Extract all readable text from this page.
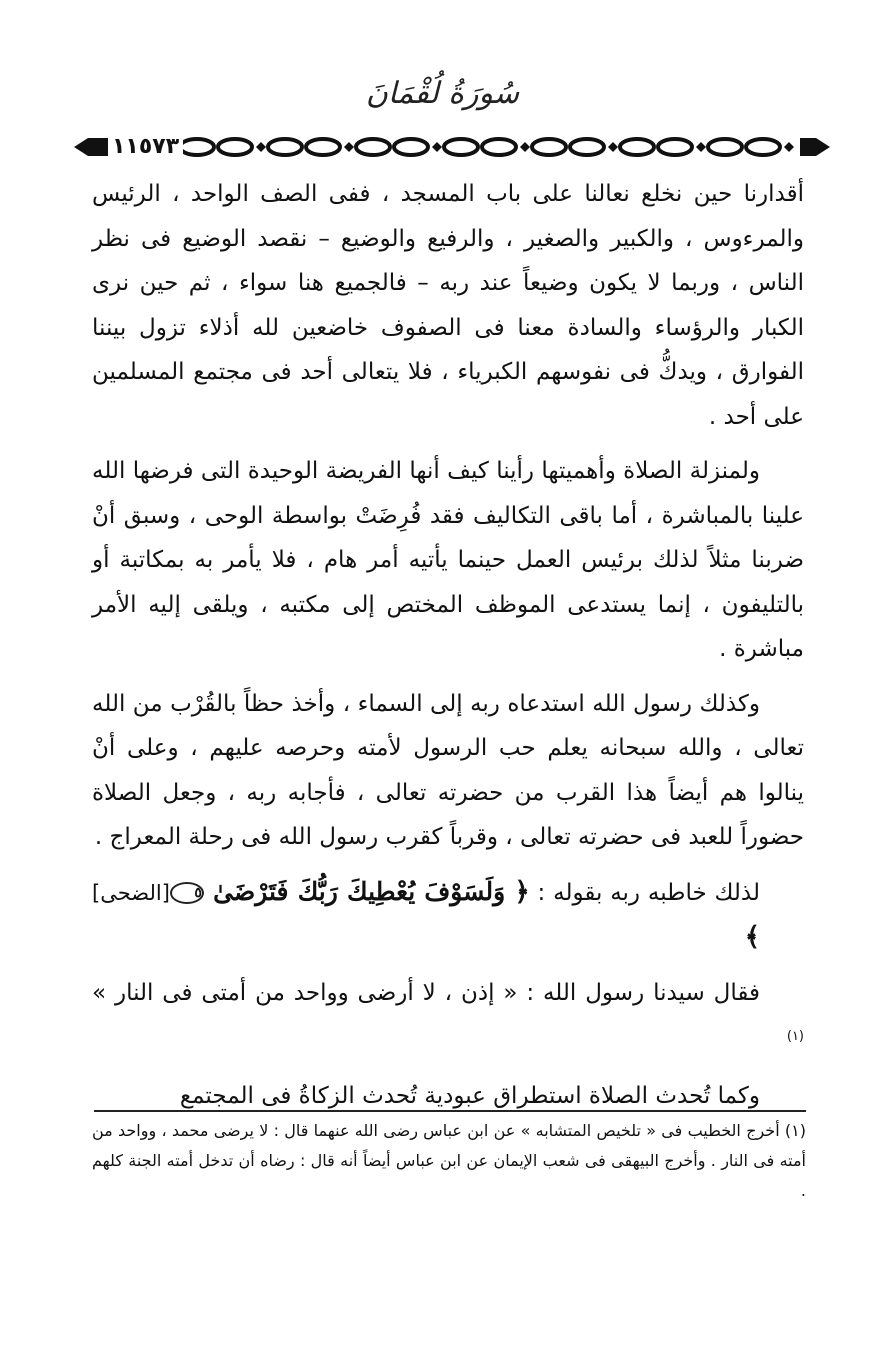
سُورَةُ لُقْمَانَ
١١٥٧٣

أقدارنا حين نخلع نعالنا على باب المسجد ، ففى الصف الواحد ، الرئيس والمرءوس ، والكبير والصغير ، والرفيع والوضيع – نقصد الوضيع فى نظر الناس ، وربما لا يكون وضيعاً عند ربه – فالجميع هنا سواء ، ثم حين نرى الكبار والرؤساء والسادة معنا فى الصفوف خاضعين لله أذلاء تزول بيننا الفوارق ، ويدكُّ فى نفوسهم الكبرياء ، فلا يتعالى أحد فى مجتمع المسلمين على أحد .

ولمنزلة الصلاة وأهميتها رأينا كيف أنها الفريضة الوحيدة التى فرضها الله علينا بالمباشرة ، أما باقى التكاليف فقد فُرِضَتْ بواسطة الوحى ، وسبق أنْ ضربنا مثلاً لذلك برئيس العمل حينما يأتيه أمر هام ، فلا يأمر به بمكاتبة أو بالتليفون ، إنما يستدعى الموظف المختص إلى مكتبه ، ويلقى إليه الأمر مباشرة .

وكذلك رسول الله استدعاه ربه إلى السماء ، وأخذ حظاً بالقُرْب من الله تعالى ، والله سبحانه يعلم حب الرسول لأمته وحرصه عليهم ، وعلى أنْ ينالوا هم أيضاً هذا القرب من حضرته تعالى ، فأجابه ربه ، وجعل الصلاة حضوراً للعبد فى حضرته تعالى ، وقرباً كقرب رسول الله فى رحلة المعراج .

لذلك خاطبه ربه بقوله : ﴿ وَلَسَوْفَ يُعْطِيكَ رَبُّكَ فَتَرْضَىٰ ٥ ﴾
[الضحى]

فقال سيدنا رسول الله : « إذن ، لا أرضى وواحد من أمتى فى النار » $^{(١)}$

وكما تُحدث الصلاة استطراق عبودية تُحدث الزكاةُ فى المجتمع

(١) أخرج الخطيب فى « تلخيص المتشابه » عن ابن عباس رضى الله عنهما قال : لا يرضى محمد ، وواحد من أمته فى النار . وأخرج البيهقى فى شعب الإيمان عن ابن عباس أيضاً أنه قال : رضاه أن تدخل أمته الجنة كلهم .
